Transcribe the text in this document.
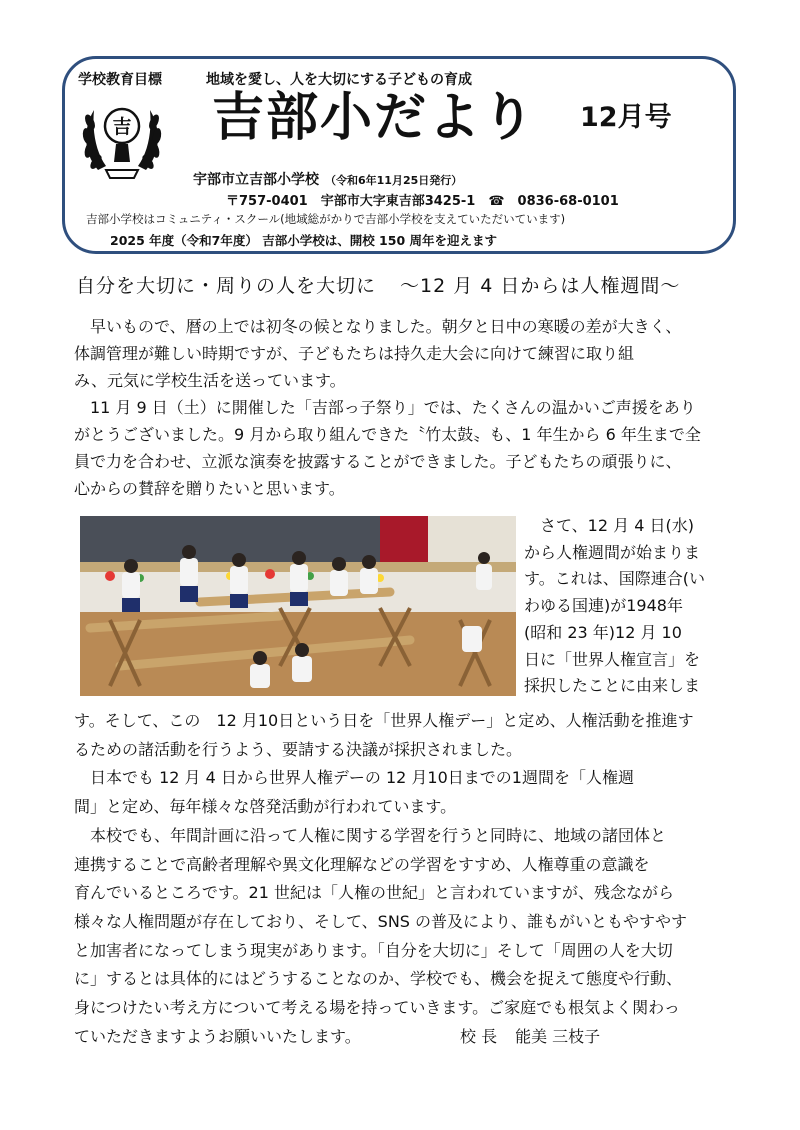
学校教育目標	地域を愛し、人を大切にする子どもの育成
吉 吉部小だより 12月号
宇部市立吉部小学校 （令和6年11月25日発行）
〒757-0401　宇部市大字東吉部3425-1　☎　0836-68-0101
吉部小学校はコミュニティ・スクール(地域総がかりで吉部小学校を支えていただいています)
2025 年度（令和7年度） 吉部小学校は、開校 150 周年を迎えます
自分を大切に・周りの人を大切に ～12 月 4 日からは人権週間～
　早いもので、暦の上では初冬の候となりました。朝夕と日中の寒暖の差が大きく、
体調管理が難しい時期ですが、子どもたちは持久走大会に向けて練習に取り組
み、元気に学校生活を送っています。
　11 月 9 日（土）に開催した「吉部っ子祭り」では、たくさんの温かいご声援をあり
がとうございました。9 月から取り組んできた〝竹太鼓〟も、1 年生から 6 年生まで全
員で力を合わせ、立派な演奏を披露することができました。子どもたちの頑張りに、
心からの賛辞を贈りたいと思います。
　さて、12 月 4 日(水)
から人権週間が始まりま
す。これは、国際連合(い
わゆる国連)が1948年
(昭和 23 年)12 月 10
日に「世界人権宣言」を
採択したことに由来しま
す。そして、この　12 月10日という日を「世界人権デー」と定め、人権活動を推進す
るための諸活動を行うよう、要請する決議が採択されました。
　日本でも 12 月 4 日から世界人権デーの 12 月10日までの1週間を「人権週
間」と定め、毎年様々な啓発活動が行われています。
　本校でも、年間計画に沿って人権に関する学習を行うと同時に、地域の諸団体と
連携することで高齢者理解や異文化理解などの学習をすすめ、人権尊重の意識を
育んでいるところです。21 世紀は「人権の世紀」と言われていますが、残念ながら
様々な人権問題が存在しており、そして、SNS の普及により、誰もがいともやすやす
と加害者になってしまう現実があります。「自分を大切に」そして「周囲の人を大切
に」するとは具体的にはどうすることなのか、学校でも、機会を捉えて態度や行動、
身につけたい考え方について考える場を持っていきます。ご家庭でも根気よく関わっ
ていただきますようお願いいたします。	校 長 能美 三枝子
